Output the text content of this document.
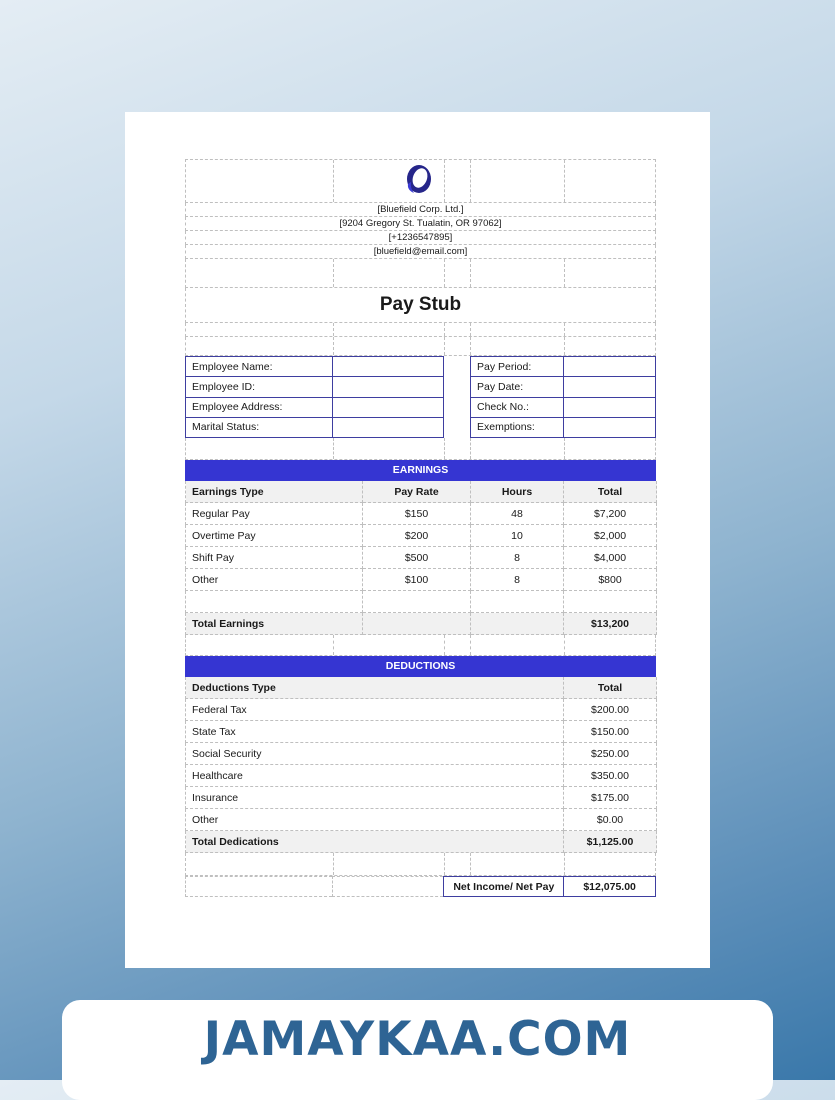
[Bluefield Corp. Ltd.]
[9204 Gregory St. Tualatin, OR 97062]
[+1236547895]
[bluefield@email.com]
Pay Stub
Employee Name:
Employee ID:
Employee Address:
Marital Status:
Pay Period:
Pay Date:
Check No.:
Exemptions:
EARNINGS
Earnings Type	Pay Rate	Hours	Total
Regular Pay	$150	48	$7,200
Overtime Pay	$200	10	$2,000
Shift Pay	$500	8	$4,000
Other	$100	8	$800

Total Earnings			$13,200
DEDUCTIONS
Deductions Type	Total
Federal Tax	$200.00
State Tax	$150.00
Social Security	$250.00
Healthcare	$350.00
Insurance	$175.00
Other	$0.00
Total Dedications	$1,125.00
Net Income/ Net Pay	$12,075.00
JAMAYKAA.COM
